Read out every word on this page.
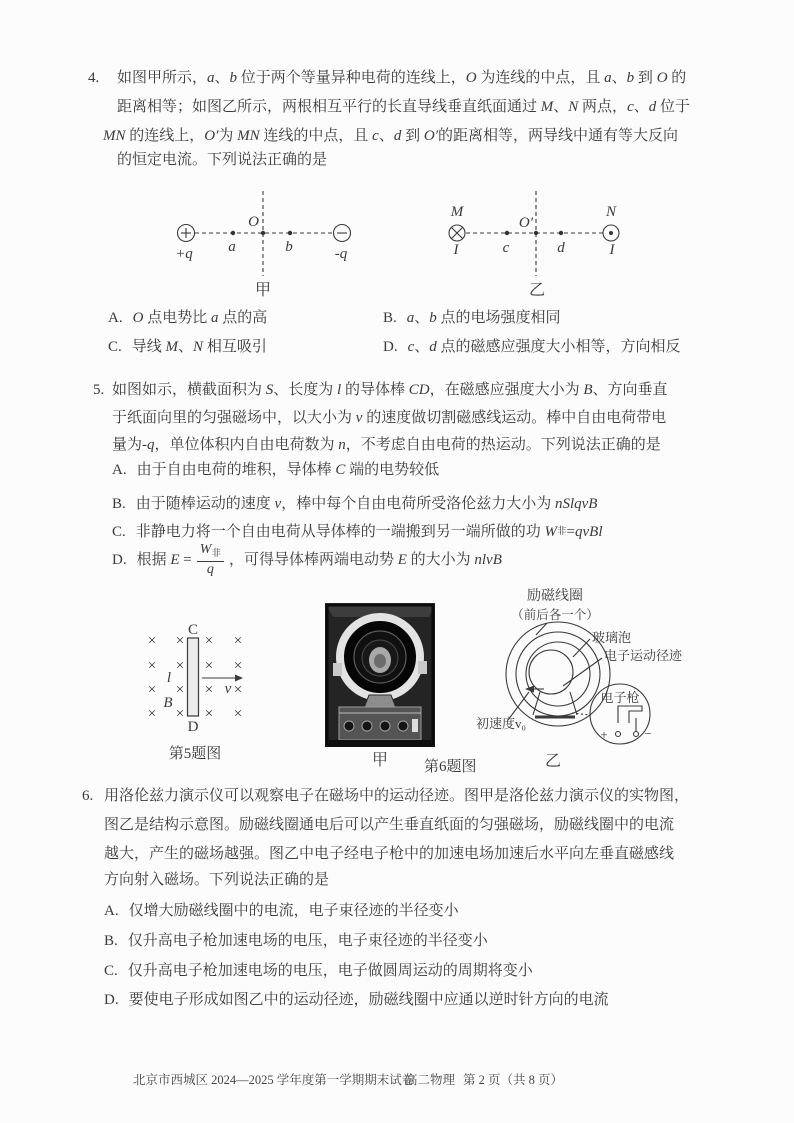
4. 如图甲所示，a、b 位于两个等量异种电荷的连线上，O 为连线的中点，且 a、b 到 O 的
距离相等；如图乙所示，两根相互平行的长直导线垂直纸面通过 M、N 两点，c、d 位于
MN 的连线上，O′为 MN 连线的中点，且 c、d 到 O′的距离相等，两导线中通有等大反向
的恒定电流。下列说法正确的是
+q a
O
b	-q
甲
M
I	c
O′
d
N
I
乙
A. O 点电势比 a 点的高	B. a、b 点的电场强度相同
C. 导线 M、N 相互吸引	D. c、d 点的磁感应强度大小相等，方向相反
5. 如图如示，横截面积为 S、长度为 l 的导体棒 CD，在磁感应强度大小为 B、方向垂直
于纸面向里的匀强磁场中，以大小为 v 的速度做切割磁感线运动。棒中自由电荷带电
量为-q，单位体积内自由电荷数为 n，不考虑自由电荷的热运动。下列说法正确的是
A. 由于自由电荷的堆积，导体棒 C 端的电势较低
B. 由于随棒运动的速度 v，棒中每个自由电荷所受洛伦兹力大小为 nSlqvB
C. 非静电力将一个自由电荷从导体棒的一端搬到另一端所做的功 W 非 =qvBl
D. 根据 $E = \frac{W_非}{q}$ ，可得导体棒两端电动势 E 的大小为 nlvB
× × × ×
× × × ×
× × × ×
× × × ×
C
D
l
B
v
第5题图	甲
励磁线圈
（前后各一个）
初速度v₀
玻璃泡
电子运动径迹
电子枪
+	−
乙
第6题图
6. 用洛伦兹力演示仪可以观察电子在磁场中的运动径迹。图甲是洛伦兹力演示仪的实物图，
图乙是结构示意图。励磁线圈通电后可以产生垂直纸面的匀强磁场，励磁线圈中的电流
越大，产生的磁场越强。图乙中电子经电子枪中的加速电场加速后水平向左垂直磁感线
方向射入磁场。下列说法正确的是
A. 仅增大励磁线圈中的电流，电子束径迹的半径变小
B. 仅升高电子枪加速电场的电压，电子束径迹的半径变小
C. 仅升高电子枪加速电场的电压，电子做圆周运动的周期将变小
D. 要使电子形成如图乙中的运动径迹，励磁线圈中应通以逆时针方向的电流
北京市西城区 2024—2025 学年度第一学期期末试卷
高二物理 第 2 页（共 8 页）
